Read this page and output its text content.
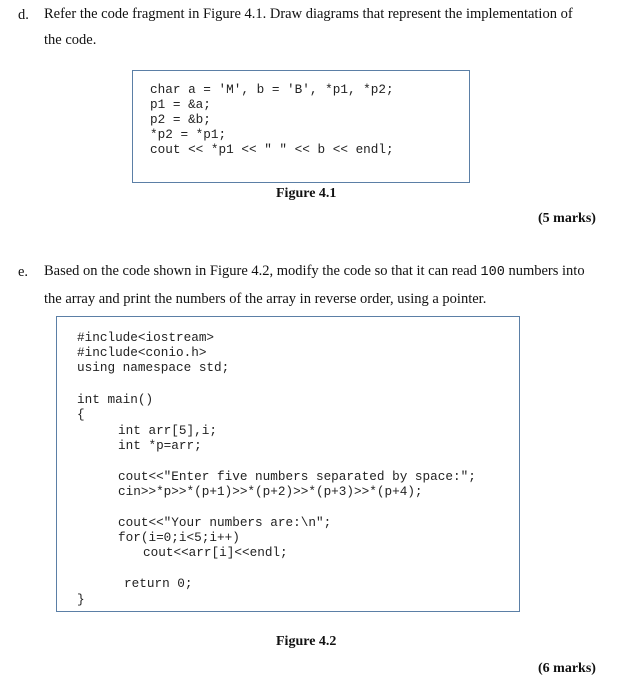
d. Refer the code fragment in Figure 4.1. Draw diagrams that represent the implementation of
the code.
char a = 'M', b = 'B', *p1, *p2;
p1 = &a;
p2 = &b;
*p2 = *p1;
cout << *p1 << " " << b << endl;
Figure 4.1
(5 marks)
e. Based on the code shown in Figure 4.2, modify the code so that it can read 100 numbers into
the array and print the numbers of the array in reverse order, using a pointer.
#include<iostream>
#include<conio.h>
using namespace std;
int main()
{
int arr[5],i;
int *p=arr;
cout<<"Enter five numbers separated by space:";
cin>>*p>>*(p+1)>>*(p+2)>>*(p+3)>>*(p+4);
cout<<"Your numbers are:\n";
for(i=0;i<5;i++)
cout<<arr[i]<<endl;
return 0;
}
Figure 4.2
(6 marks)
